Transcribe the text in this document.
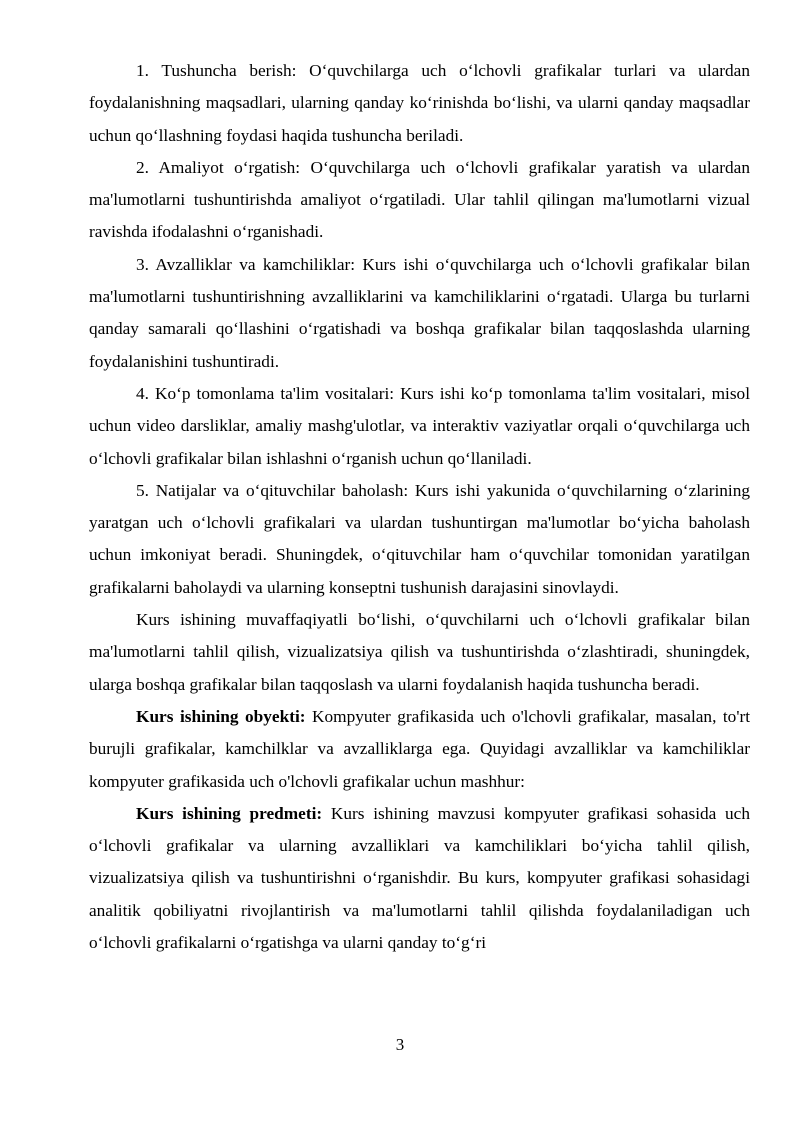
1. Tushuncha berish: O‘quvchilarga uch o‘lchovli grafikalar turlari va ulardan foydalanishning maqsadlari, ularning qanday ko‘rinishda bo‘lishi, va ularni qanday maqsadlar uchun qo‘llashning foydasi haqida tushuncha beriladi.

2. Amaliyot o‘rgatish: O‘quvchilarga uch o‘lchovli grafikalar yaratish va ulardan ma'lumotlarni tushuntirishda amaliyot o‘rgatiladi. Ular tahlil qilingan ma'lumotlarni vizual ravishda ifodalashni o‘rganishadi.

3. Avzalliklar va kamchiliklar: Kurs ishi o‘quvchilarga uch o‘lchovli grafikalar bilan ma'lumotlarni tushuntirishning avzalliklarini va kamchiliklarini o‘rgatadi. Ularga bu turlarni qanday samarali qo‘llashini o‘rgatishadi va boshqa grafikalar bilan taqqoslashda ularning foydalanishini tushuntiradi.

4. Ko‘p tomonlama ta'lim vositalari: Kurs ishi ko‘p tomonlama ta'lim vositalari, misol uchun video darsliklar, amaliy mashg'ulotlar, va interaktiv vaziyatlar orqali o‘quvchilarga uch o‘lchovli grafikalar bilan ishlashni o‘rganish uchun qo‘llaniladi.

5. Natijalar va o‘qituvchilar baholash: Kurs ishi yakunida o‘quvchilarning o‘zlarining yaratgan uch o‘lchovli grafikalari va ulardan tushuntirgan ma'lumotlar bo‘yicha baholash uchun imkoniyat beradi. Shuningdek, o‘qituvchilar ham o‘quvchilar tomonidan yaratilgan grafikalarni baholaydi va ularning konseptni tushunish darajasini sinovlaydi.

Kurs ishining muvaffaqiyatli bo‘lishi, o‘quvchilarni uch o‘lchovli grafikalar bilan ma'lumotlarni tahlil qilish, vizualizatsiya qilish va tushuntirishda o‘zlashtiradi, shuningdek, ularga boshqa grafikalar bilan taqqoslash va ularni foydalanish haqida tushuncha beradi.

Kurs ishining obyekti: Kompyuter grafikasida uch o'lchovli grafikalar, masalan, to'rt burujli grafikalar, kamchilklar va avzalliklarga ega. Quyidagi avzalliklar va kamchiliklar kompyuter grafikasida uch o'lchovli grafikalar uchun mashhur:

Kurs ishining predmeti: Kurs ishining mavzusi kompyuter grafikasi sohasida uch o‘lchovli grafikalar va ularning avzalliklari va kamchiliklari bo‘yicha tahlil qilish, vizualizatsiya qilish va tushuntirishni o‘rganishdir. Bu kurs, kompyuter grafikasi sohasidagi analitik qobiliyatni rivojlantirish va ma'lumotlarni tahlil qilishda foydalaniladigan uch o‘lchovli grafikalarni o‘rgatishga va ularni qanday to‘g‘ri

3
